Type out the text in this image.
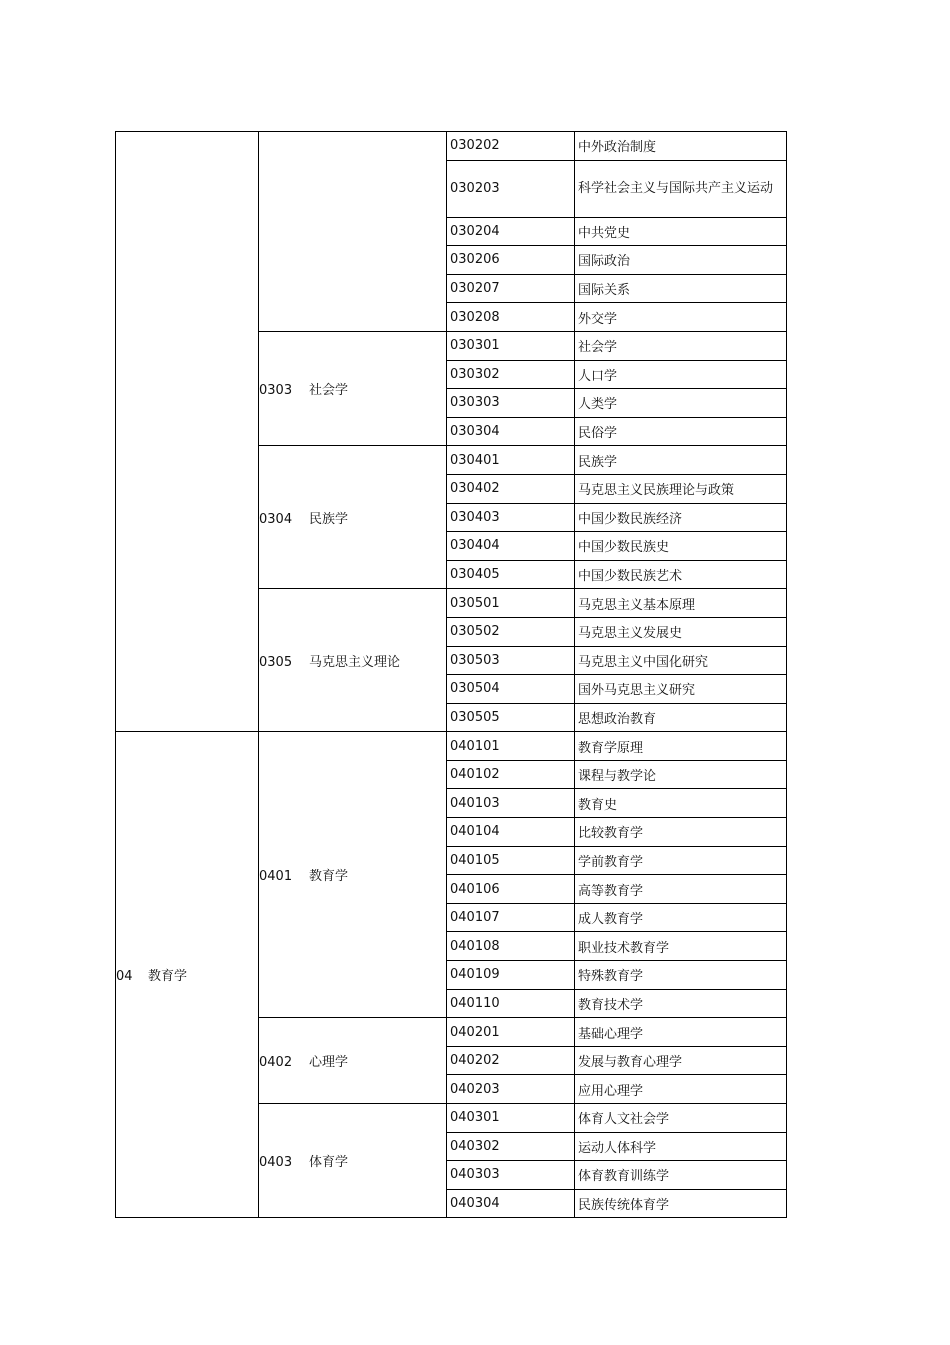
		030202	中外政治制度
		030203	科学社会主义与国际共产主义运动
		030204	中共党史
		030206	国际政治
		030207	国际关系
		030208	外交学
	0303 社会学	030301	社会学
		030302	人口学
		030303	人类学
		030304	民俗学
	0304 民族学	030401	民族学
		030402	马克思主义民族理论与政策
		030403	中国少数民族经济
		030404	中国少数民族史
		030405	中国少数民族艺术
	0305 马克思主义理论	030501	马克思主义基本原理
		030502	马克思主义发展史
		030503	马克思主义中国化研究
		030504	国外马克思主义研究
		030505	思想政治教育
04 教育学	0401 教育学	040101	教育学原理
		040102	课程与教学论
		040103	教育史
		040104	比较教育学
		040105	学前教育学
		040106	高等教育学
		040107	成人教育学
		040108	职业技术教育学
		040109	特殊教育学
		040110	教育技术学
	0402 心理学	040201	基础心理学
		040202	发展与教育心理学
		040203	应用心理学
	0403 体育学	040301	体育人文社会学
		040302	运动人体科学
		040303	体育教育训练学
		040304	民族传统体育学
